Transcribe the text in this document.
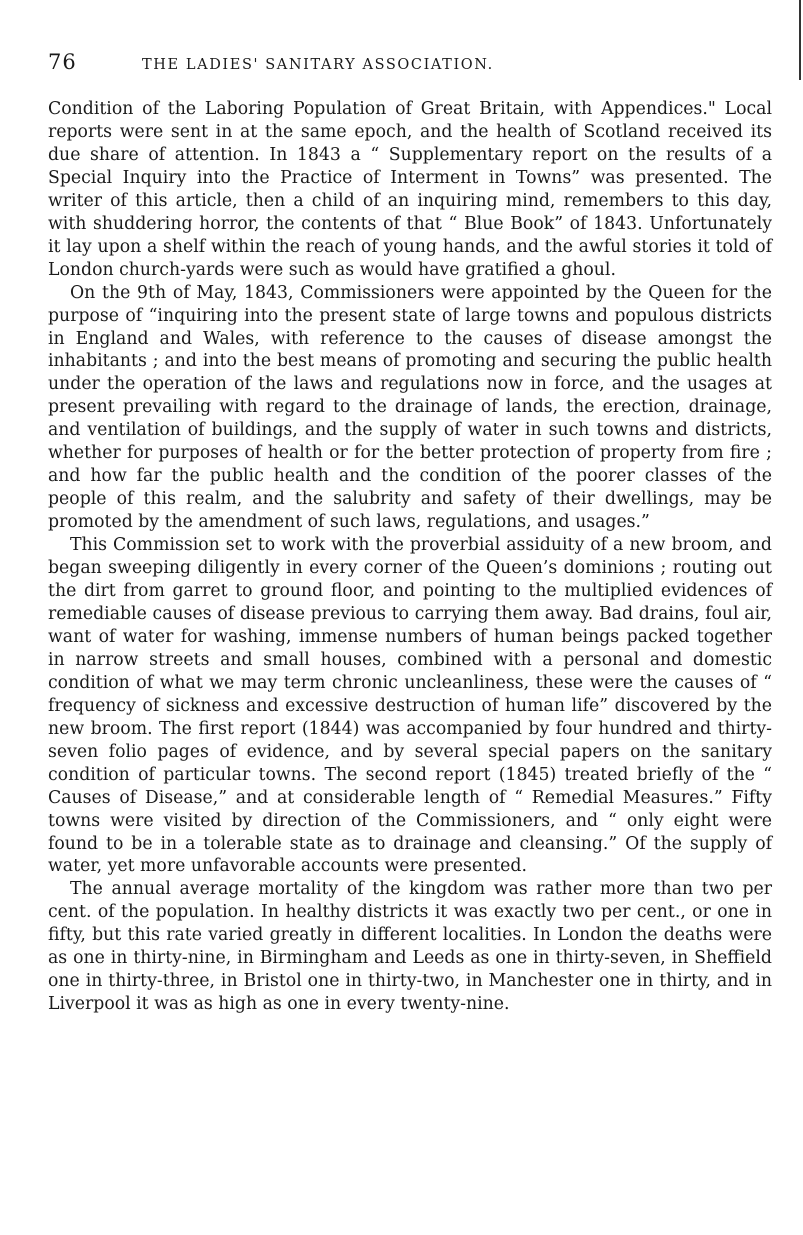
76	THE LADIES' SANITARY ASSOCIATION.

Condition of the Laboring Population of Great Britain, with Appendices." Local reports were sent in at the same epoch, and the health of Scotland received its due share of attention. In 1843 a “ Supplementary report on the results of a Special Inquiry into the Practice of Interment in Towns” was presented. The writer of this article, then a child of an inquiring mind, remembers to this day, with shuddering horror, the contents of that “ Blue Book” of 1843. Unfortunately it lay upon a shelf within the reach of young hands, and the awful stories it told of London church-yards were such as would have gratified a ghoul.

On the 9th of May, 1843, Commissioners were appointed by the Queen for the purpose of “inquiring into the present state of large towns and populous districts in England and Wales, with reference to the causes of disease amongst the inhabitants ; and into the best means of promoting and securing the public health under the operation of the laws and regulations now in force, and the usages at present prevailing with regard to the drainage of lands, the erection, drainage, and ventilation of buildings, and the supply of water in such towns and districts, whether for purposes of health or for the better protection of property from fire ; and how far the public health and the condition of the poorer classes of the people of this realm, and the salubrity and safety of their dwellings, may be promoted by the amendment of such laws, regulations, and usages.”

This Commission set to work with the proverbial assiduity of a new broom, and began sweeping diligently in every corner of the Queen’s dominions ; routing out the dirt from garret to ground floor, and pointing to the multiplied evidences of remediable causes of disease previous to carrying them away. Bad drains, foul air, want of water for washing, immense numbers of human beings packed together in narrow streets and small houses, combined with a personal and domestic condition of what we may term chronic uncleanliness, these were the causes of “ frequency of sickness and excessive destruction of human life” discovered by the new broom. The first report (1844) was accompanied by four hundred and thirty-seven folio pages of evidence, and by several special papers on the sanitary condition of particular towns. The second report (1845) treated briefly of the “ Causes of Disease,” and at considerable length of “ Remedial Measures.” Fifty towns were visited by direction of the Commissioners, and “ only eight were found to be in a tolerable state as to drainage and cleansing.” Of the supply of water, yet more unfavorable accounts were presented.

The annual average mortality of the kingdom was rather more than two per cent. of the population. In healthy districts it was exactly two per cent., or one in fifty, but this rate varied greatly in different localities. In London the deaths were as one in thirty-nine, in Birmingham and Leeds as one in thirty-seven, in Sheffield one in thirty-three, in Bristol one in thirty-two, in Manchester one in thirty, and in Liverpool it was as high as one in every twenty-nine.
